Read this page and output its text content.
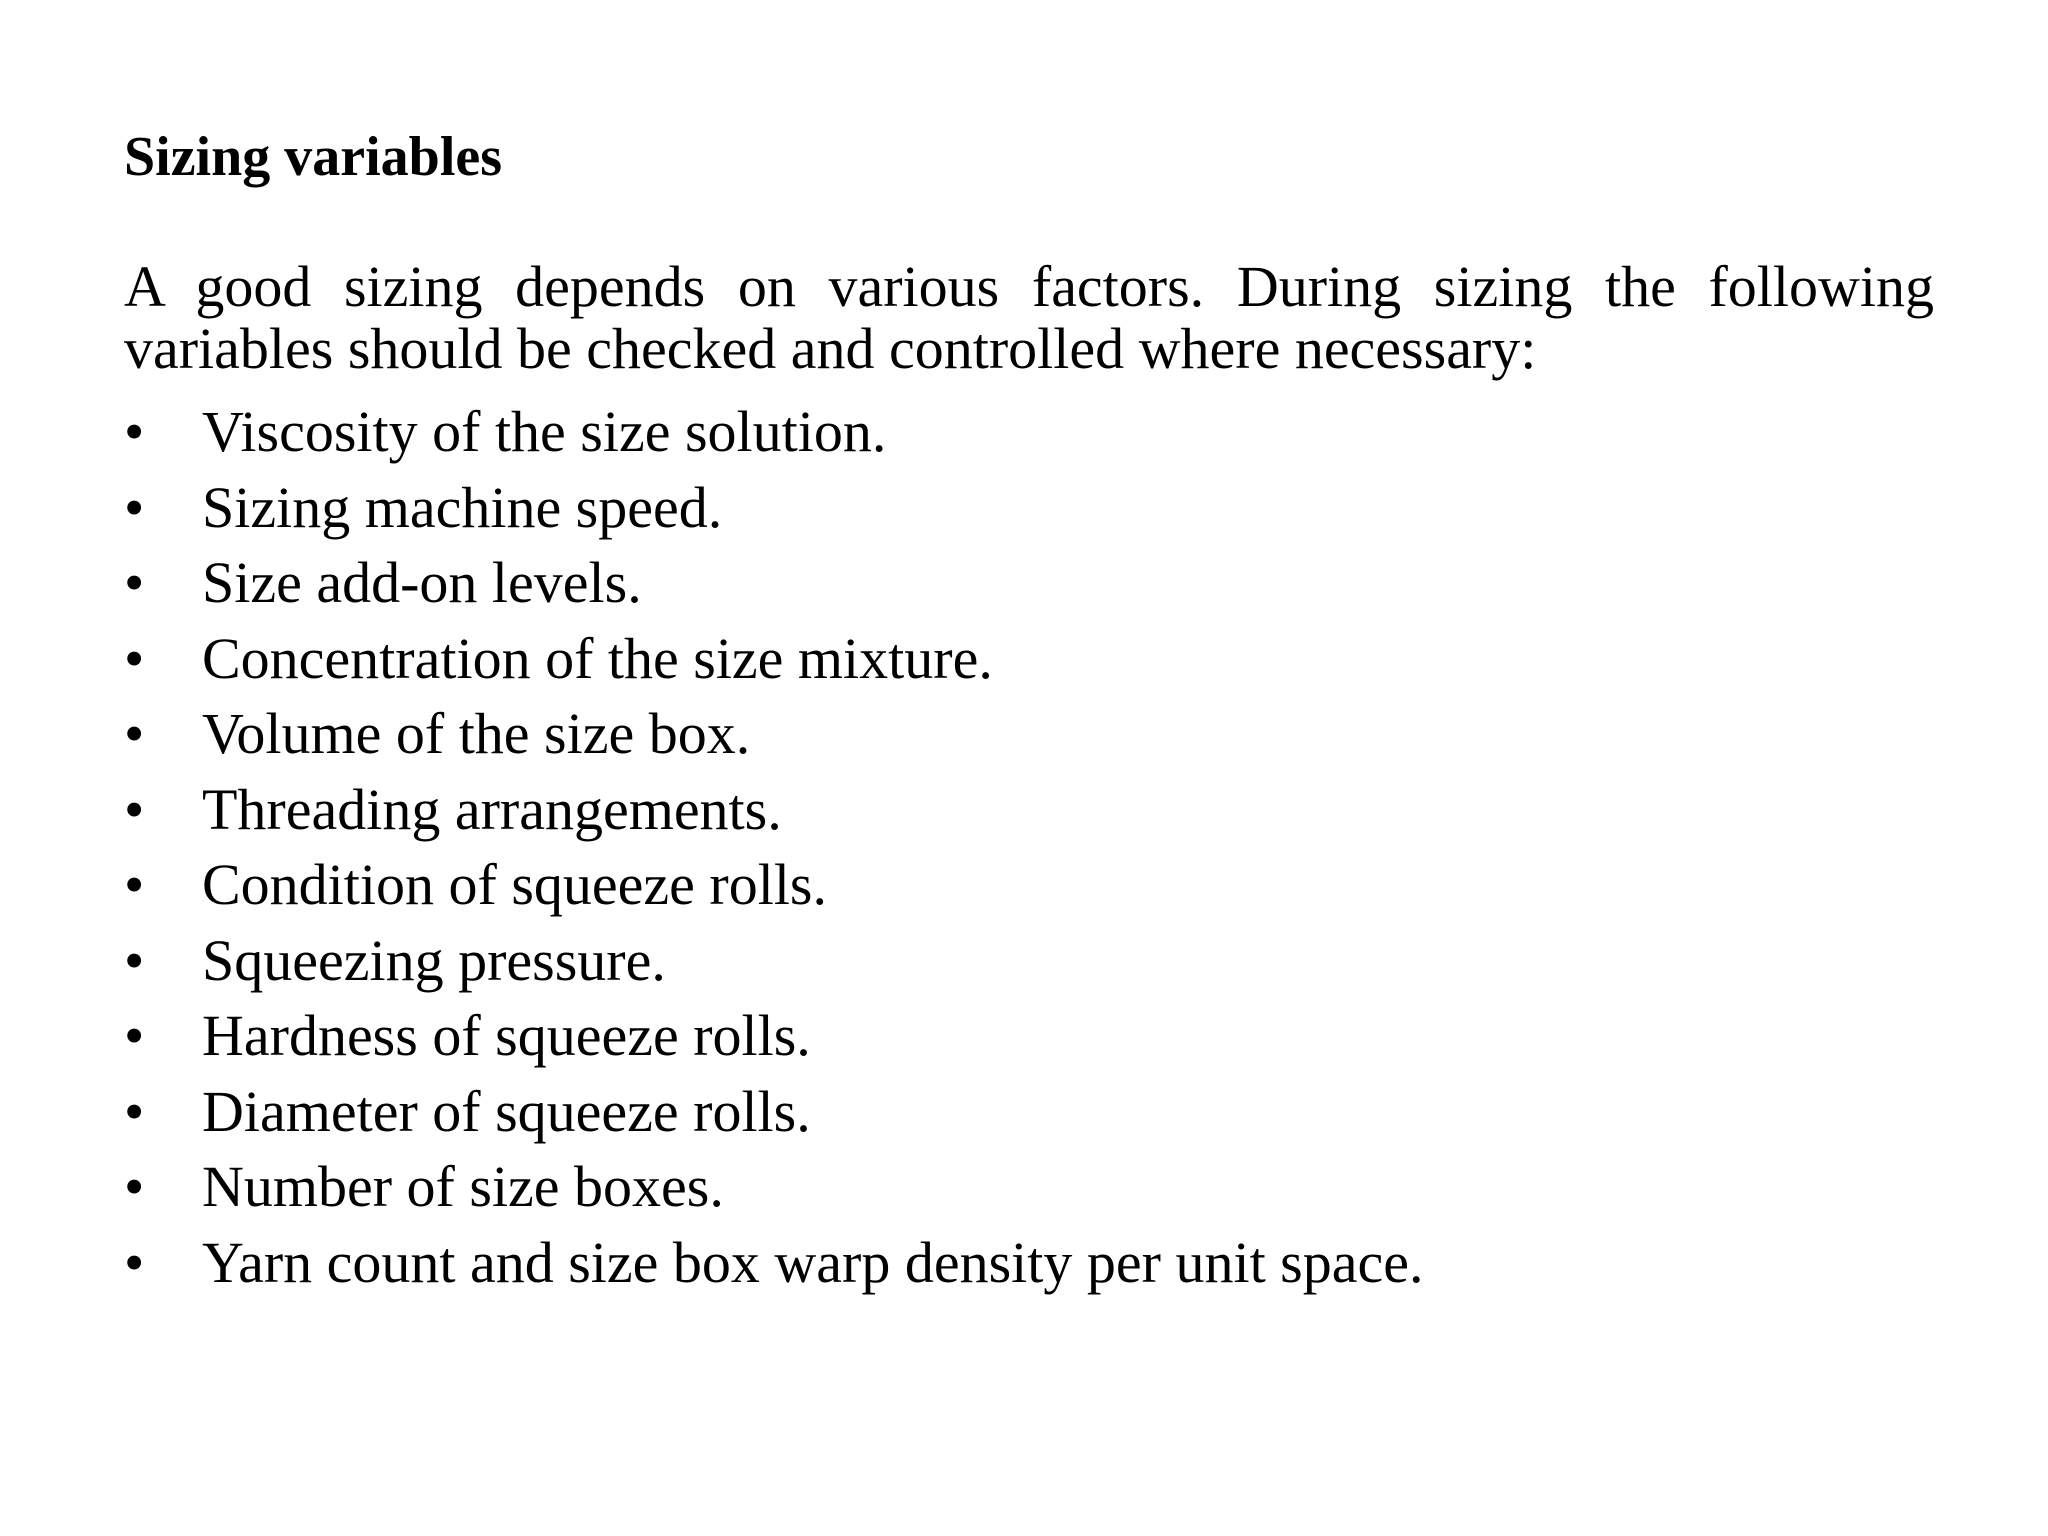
Sizing variables

A good sizing depends on various factors. During sizing the following variables should be checked and controlled where necessary:

• Viscosity of the size solution.
• Sizing machine speed.
• Size add-on levels.
• Concentration of the size mixture.
• Volume of the size box.
• Threading arrangements.
• Condition of squeeze rolls.
• Squeezing pressure.
• Hardness of squeeze rolls.
• Diameter of squeeze rolls.
• Number of size boxes.
• Yarn count and size box warp density per unit space.
